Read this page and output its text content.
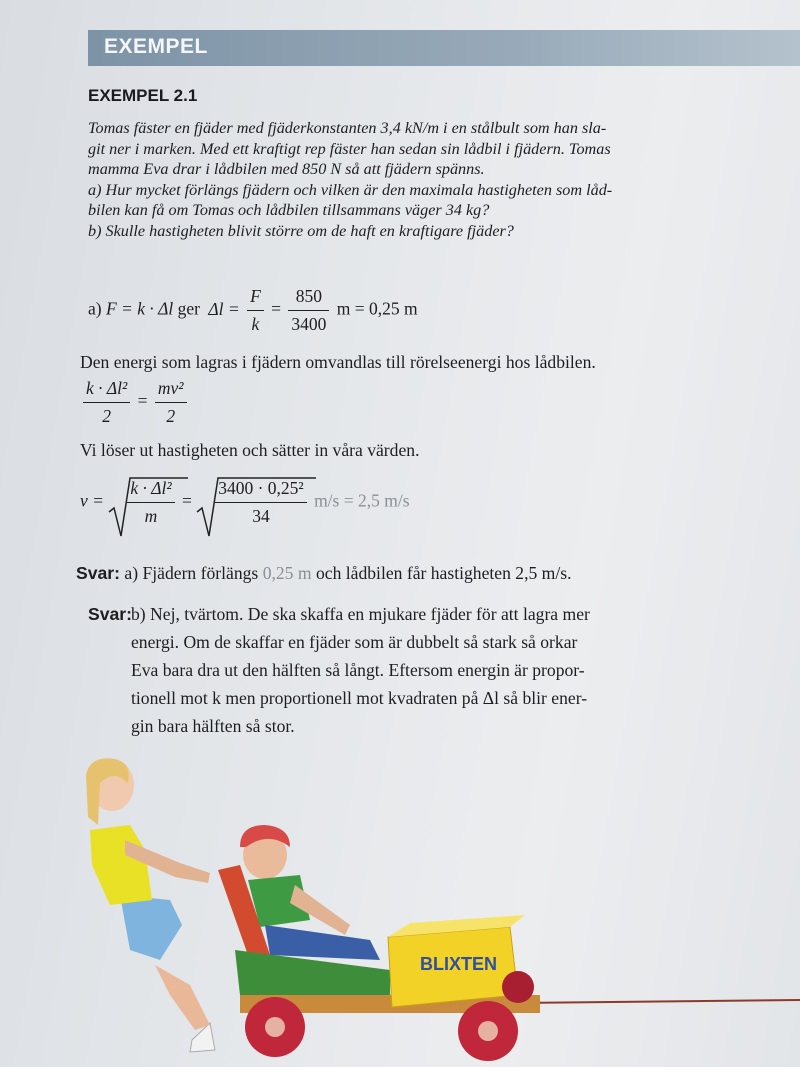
EXEMPEL
EXEMPEL 2.1
Tomas fäster en fjäder med fjäderkonstanten 3,4 kN/m i en stålbult som han sla-
git ner i marken. Med ett kraftigt rep fäster han sedan sin lådbil i fjädern. Tomas
mamma Eva drar i lådbilen med 850 N så att fjädern spänns.
a) Hur mycket förlängs fjädern och vilken är den maximala hastigheten som låd-
bilen kan få om Tomas och lådbilen tillsammans väger 34 kg?
b) Skulle hastigheten blivit större om de haft en kraftigare fjäder?
a) F = k · Δl ger $\Delta l = \frac{F}{k} = \frac{850}{3400}$ m = 0,25 m
Den energi som lagras i fjädern omvandlas till rörelseenergi hos lådbilen.
$\frac{\text{k · Δl²}}{2} = \frac{\text{mv²}}{2}$
Vi löser ut hastigheten och sätter in våra värden.
$v = \frac{\text{k · Δl²}}{m} = \frac{\text{3400 · 0,25²}}{34} m/s = 2,5$ m/s
Svar: a) Fjädern förlängs 0,25 m och lådbilen får hastigheten 2,5 m/s.
Svar:
b) Nej, tvärtom. De ska skaffa en mjukare fjäder för att lagra mer
energi. Om de skaffar en fjäder som är dubbelt så stark så orkar
Eva bara dra ut den hälften så långt. Eftersom energin är propor-
tionell mot k men proportionell mot kvadraten på Δl så blir ener-
gin bara hälften så stor.
BLIXTEN
